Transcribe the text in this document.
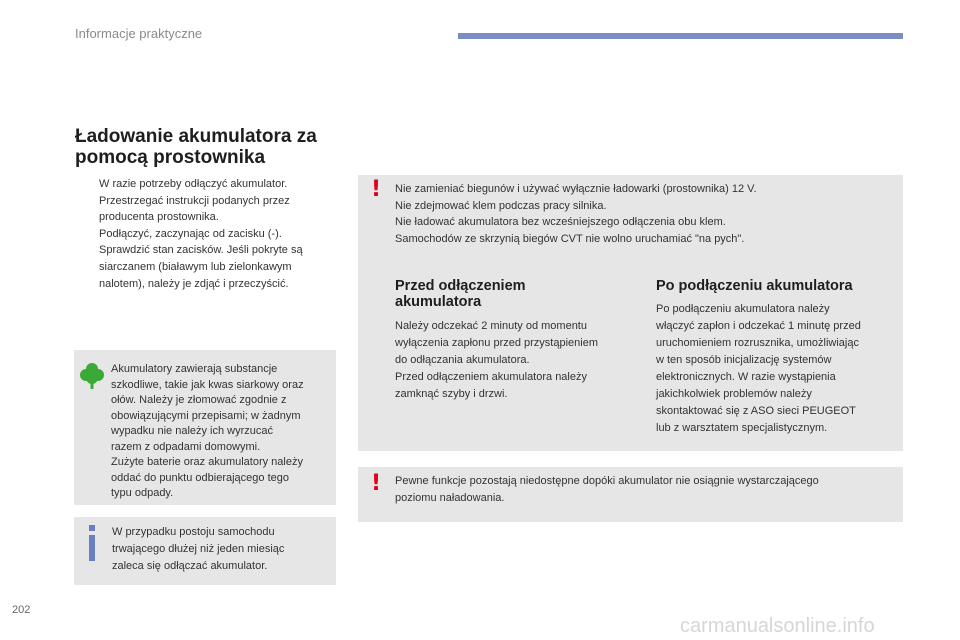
Informacje praktyczne
Ładowanie akumulatora za
pomocą prostownika
W razie potrzeby odłączyć akumulator.
Przestrzegać instrukcji podanych przez producenta prostownika.
Podłączyć, zaczynając od zacisku (-).
Sprawdzić stan zacisków. Jeśli pokryte są siarczanem (białawym lub zielonkawym nalotem), należy je zdjąć i przeczyścić.
Akumulatory zawierają substancje
szkodliwe, takie jak kwas siarkowy oraz
ołów. Należy je złomować zgodnie z
obowiązującymi przepisami; w żadnym
wypadku nie należy ich wyrzucać
razem z odpadami domowymi.
Zużyte baterie oraz akumulatory należy
oddać do punktu odbierającego tego
typu odpady.
W przypadku postoju samochodu
trwającego dłużej niż jeden miesiąc
zaleca się odłączać akumulator.
! Nie zamieniać biegunów i używać wyłącznie ładowarki (prostownika) 12 V.
Nie zdejmować klem podczas pracy silnika.
Nie ładować akumulatora bez wcześniejszego odłączenia obu klem.
Samochodów ze skrzynią biegów CVT nie wolno uruchamiać "na pych".
Przed odłączeniem
akumulatora
Należy odczekać 2 minuty od momentu
wyłączenia zapłonu przed przystąpieniem
do odłączania akumulatora.
Przed odłączeniem akumulatora należy
zamknąć szyby i drzwi.
Po podłączeniu akumulatora
Po podłączeniu akumulatora należy
włączyć zapłon i odczekać 1 minutę przed
uruchomieniem rozrusznika, umożliwiając
w ten sposób inicjalizację systemów
elektronicznych. W razie wystąpienia
jakichkolwiek problemów należy
skontaktować się z ASO sieci PEUGEOT
lub z warsztatem specjalistycznym.
! Pewne funkcje pozostają niedostępne dopóki akumulator nie osiągnie wystarczającego
poziomu naładowania.
202
carmanualsonline.info
